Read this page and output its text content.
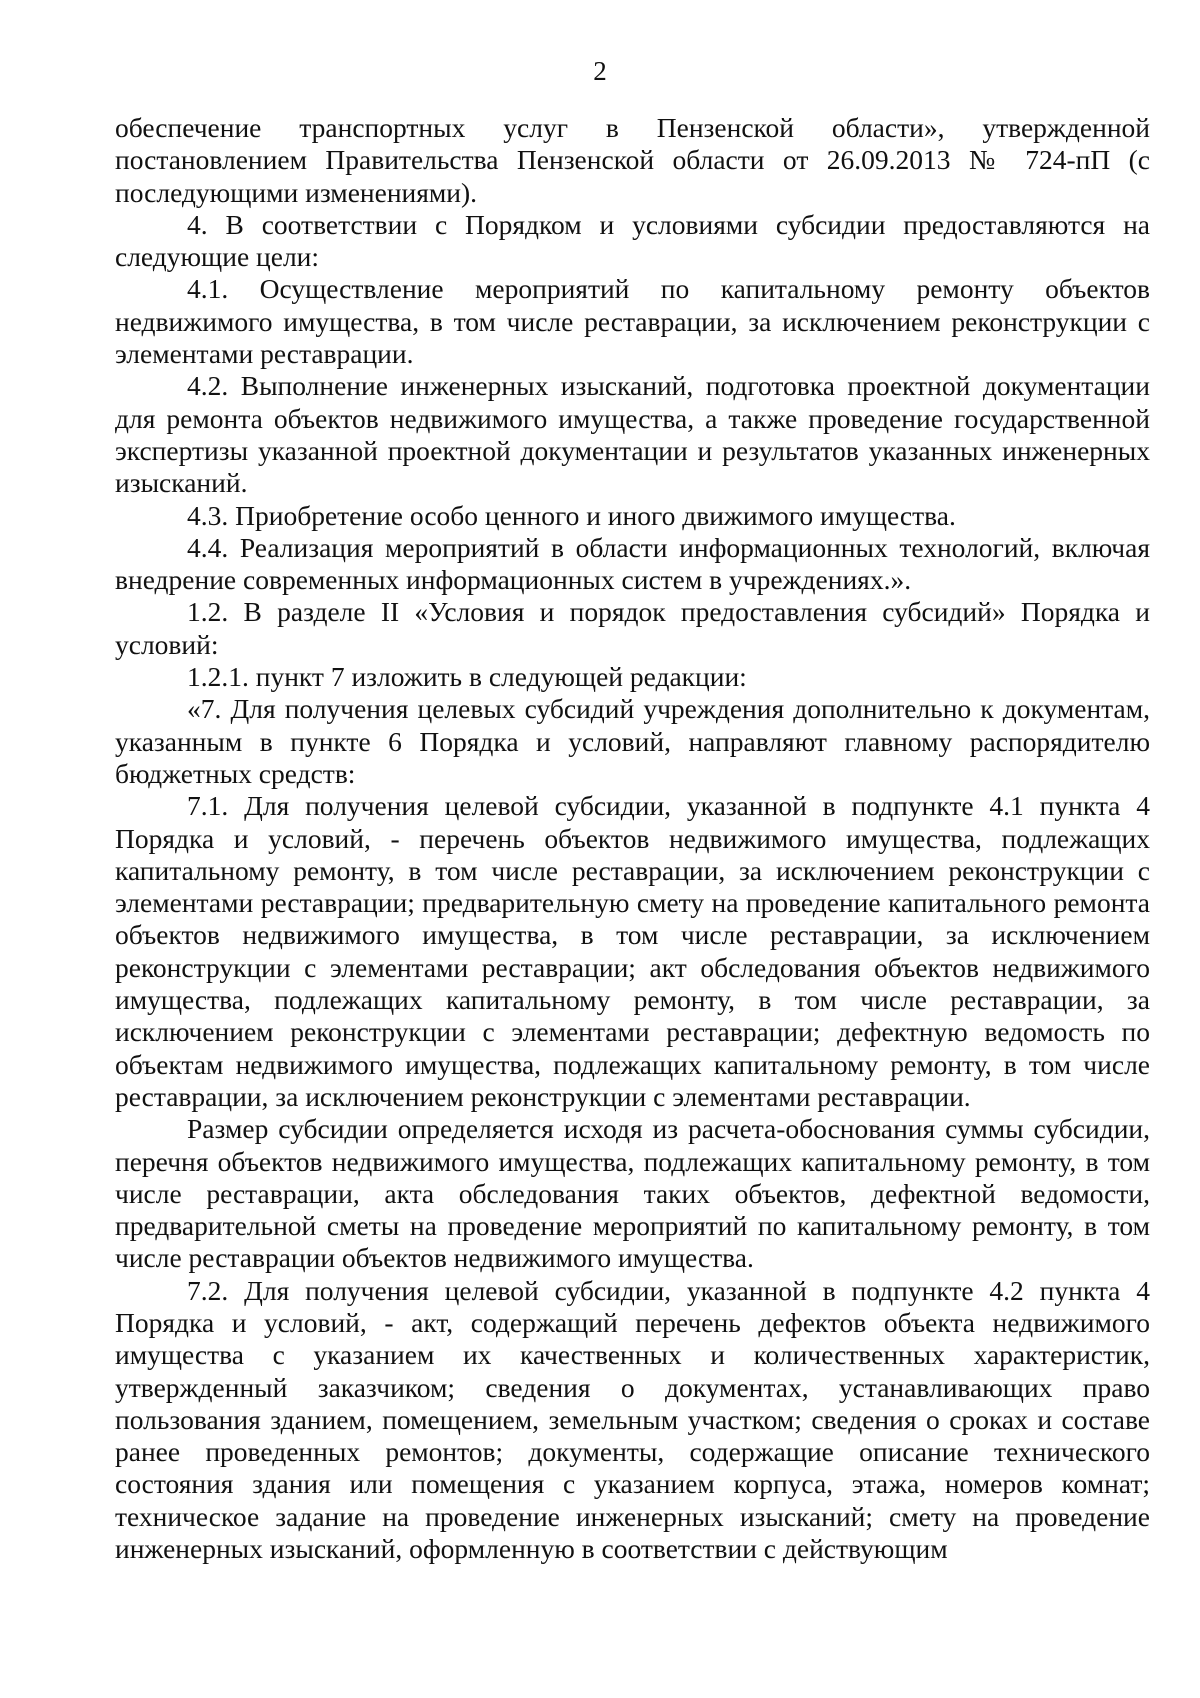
2

обеспечение транспортных услуг в Пензенской области», утвержденной постановлением Правительства Пензенской области от 26.09.2013 № 724-пП (с последующими изменениями).

4. В соответствии с Порядком и условиями субсидии предоставляются на следующие цели:

4.1. Осуществление мероприятий по капитальному ремонту объектов недвижимого имущества, в том числе реставрации, за исключением реконструкции с элементами реставрации.

4.2. Выполнение инженерных изысканий, подготовка проектной документации для ремонта объектов недвижимого имущества, а также проведение государственной экспертизы указанной проектной документации и результатов указанных инженерных изысканий.

4.3. Приобретение особо ценного и иного движимого имущества.

4.4. Реализация мероприятий в области информационных технологий, включая внедрение современных информационных систем в учреждениях.».

1.2. В разделе II «Условия и порядок предоставления субсидий» Порядка и условий:

1.2.1. пункт 7 изложить в следующей редакции:

«7. Для получения целевых субсидий учреждения дополнительно к документам, указанным в пункте 6 Порядка и условий, направляют главному распорядителю бюджетных средств:

7.1. Для получения целевой субсидии, указанной в подпункте 4.1 пункта 4 Порядка и условий, - перечень объектов недвижимого имущества, подлежащих капитальному ремонту, в том числе реставрации, за исключением реконструкции с элементами реставрации; предварительную смету на проведение капитального ремонта объектов недвижимого имущества, в том числе реставрации, за исключением реконструкции с элементами реставрации; акт обследования объектов недвижимого имущества, подлежащих капитальному ремонту, в том числе реставрации, за исключением реконструкции с элементами реставрации; дефектную ведомость по объектам недвижимого имущества, подлежащих капитальному ремонту, в том числе реставрации, за исключением реконструкции с элементами реставрации.

Размер субсидии определяется исходя из расчета-обоснования суммы субсидии, перечня объектов недвижимого имущества, подлежащих капитальному ремонту, в том числе реставрации, акта обследования таких объектов, дефектной ведомости, предварительной сметы на проведение мероприятий по капитальному ремонту, в том числе реставрации объектов недвижимого имущества.

7.2. Для получения целевой субсидии, указанной в подпункте 4.2 пункта 4 Порядка и условий, - акт, содержащий перечень дефектов объекта недвижимого имущества с указанием их качественных и количественных характеристик, утвержденный заказчиком; сведения о документах, устанавливающих право пользования зданием, помещением, земельным участком; сведения о сроках и составе ранее проведенных ремонтов; документы, содержащие описание технического состояния здания или помещения с указанием корпуса, этажа, номеров комнат; техническое задание на проведение инженерных изысканий; смету на проведение инженерных изысканий, оформленную в соответствии с действующим
